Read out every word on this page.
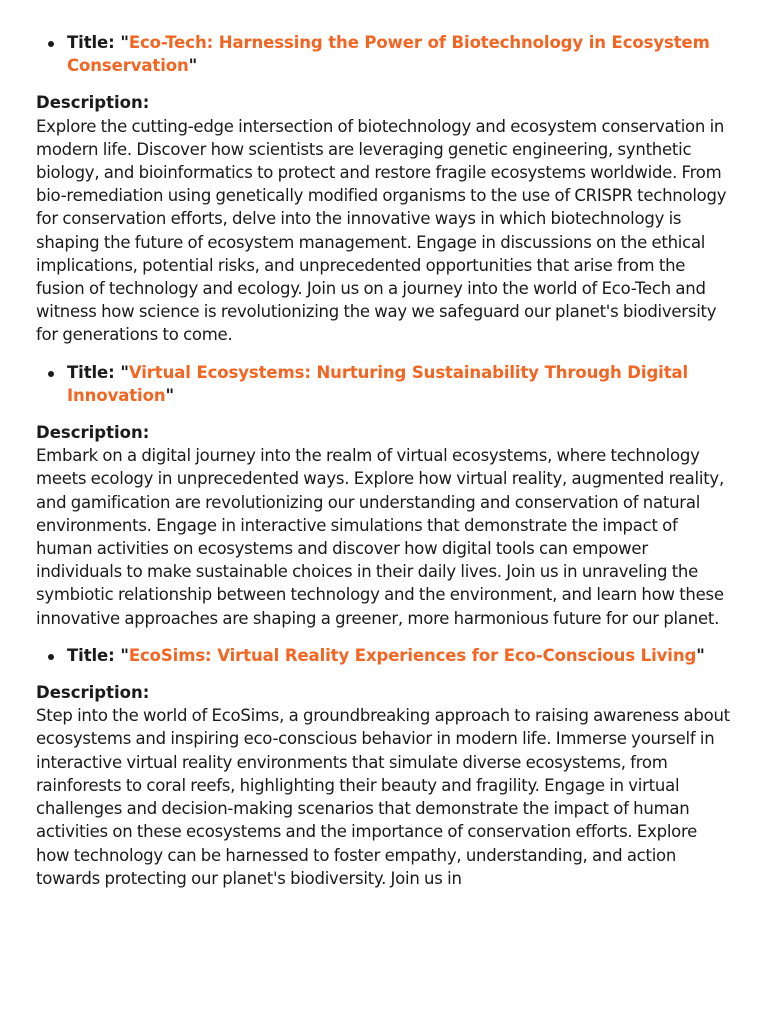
Title: "Eco-Tech: Harnessing the Power of Biotechnology in Ecosystem Conservation"
Description:

Explore the cutting-edge intersection of biotechnology and ecosystem conservation in modern life. Discover how scientists are leveraging genetic engineering, synthetic biology, and bioinformatics to protect and restore fragile ecosystems worldwide. From bio-remediation using genetically modified organisms to the use of CRISPR technology for conservation efforts, delve into the innovative ways in which biotechnology is shaping the future of ecosystem management. Engage in discussions on the ethical implications, potential risks, and unprecedented opportunities that arise from the fusion of technology and ecology. Join us on a journey into the world of Eco-Tech and witness how science is revolutionizing the way we safeguard our planet's biodiversity for generations to come.

Title: "Virtual Ecosystems: Nurturing Sustainability Through Digital Innovation"
Description:

Embark on a digital journey into the realm of virtual ecosystems, where technology meets ecology in unprecedented ways. Explore how virtual reality, augmented reality, and gamification are revolutionizing our understanding and conservation of natural environments. Engage in interactive simulations that demonstrate the impact of human activities on ecosystems and discover how digital tools can empower individuals to make sustainable choices in their daily lives. Join us in unraveling the symbiotic relationship between technology and the environment, and learn how these innovative approaches are shaping a greener, more harmonious future for our planet.

Title: "EcoSims: Virtual Reality Experiences for Eco-Conscious Living"
Description:

Step into the world of EcoSims, a groundbreaking approach to raising awareness about ecosystems and inspiring eco-conscious behavior in modern life. Immerse yourself in interactive virtual reality environments that simulate diverse ecosystems, from rainforests to coral reefs, highlighting their beauty and fragility. Engage in virtual challenges and decision-making scenarios that demonstrate the impact of human activities on these ecosystems and the importance of conservation efforts. Explore how technology can be harnessed to foster empathy, understanding, and action towards protecting our planet's biodiversity. Join us in
